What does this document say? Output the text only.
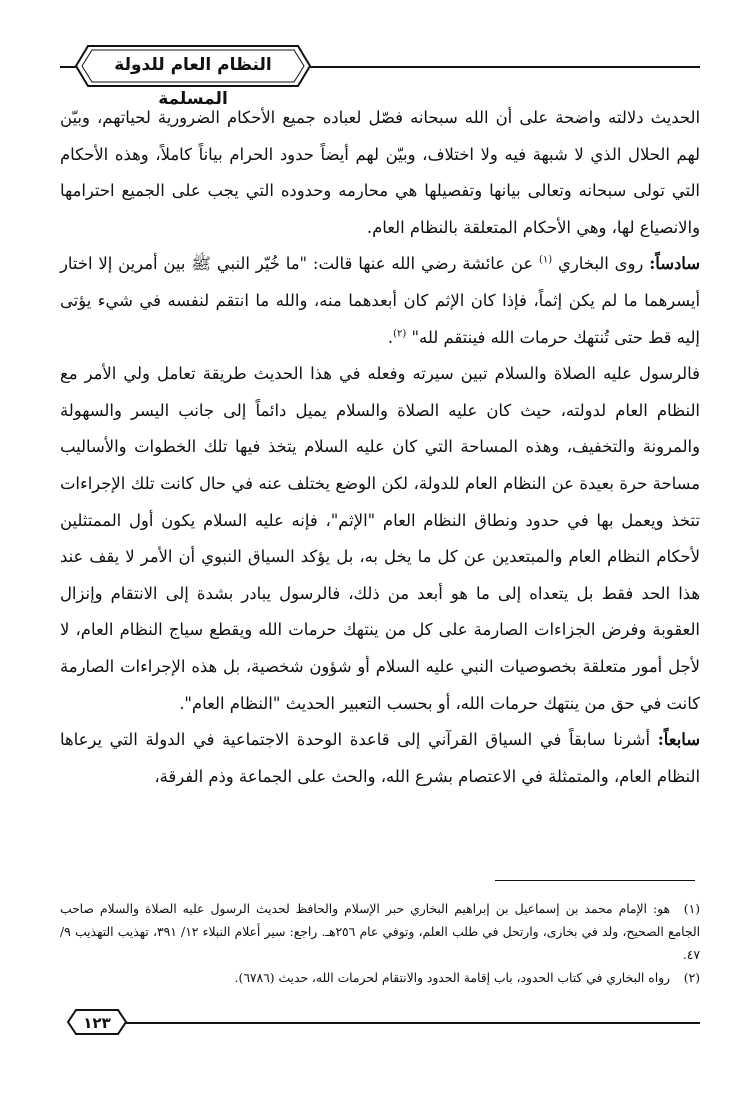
النظام العام للدولة المسلمة

الحديث دلالته واضحة على أن الله سبحانه فصّل لعباده جميع الأحكام الضرورية لحياتهم، وبيّن لهم الحلال الذي لا شبهة فيه ولا اختلاف، وبيّن لهم أيضاً حدود الحرام بياناً كاملاً، وهذه الأحكام التي تولى سبحانه وتعالى بيانها وتفصيلها هي محارمه وحدوده التي يجب على الجميع احترامها والانصياع لها، وهي الأحكام المتعلقة بالنظام العام.

سادساً: روى البخاري $^{(١)}$ عن عائشة رضي الله عنها قالت: "ما خُيّر النبي ﷺ بين أمرين إلا اختار أيسرهما ما لم يكن إثماً، فإذا كان الإثم كان أبعدهما منه، والله ما انتقم لنفسه في شيء يؤتى إليه قط حتى تُنتهك حرمات الله فينتقم لله" $^{(٢)}$.

فالرسول عليه الصلاة والسلام تبين سيرته وفعله في هذا الحديث طريقة تعامل ولي الأمر مع النظام العام لدولته، حيث كان عليه الصلاة والسلام يميل دائماً إلى جانب اليسر والسهولة والمرونة والتخفيف، وهذه المساحة التي كان عليه السلام يتخذ فيها تلك الخطوات والأساليب مساحة حرة بعيدة عن النظام العام للدولة، لكن الوضع يختلف عنه في حال كانت تلك الإجراءات تتخذ ويعمل بها في حدود ونطاق النظام العام "الإثم"، فإنه عليه السلام يكون أول الممتثلين لأحكام النظام العام والمبتعدين عن كل ما يخل به، بل يؤكد السياق النبوي أن الأمر لا يقف عند هذا الحد فقط بل يتعداه إلى ما هو أبعد من ذلك، فالرسول يبادر بشدة إلى الانتقام وإنزال العقوبة وفرض الجزاءات الصارمة على كل من ينتهك حرمات الله ويقطع سياج النظام العام، لا لأجل أمور متعلقة بخصوصيات النبي عليه السلام أو شؤون شخصية، بل هذه الإجراءات الصارمة كانت في حق من ينتهك حرمات الله، أو بحسب التعبير الحديث "النظام العام".

سابعاً: أشرنا سابقاً في السياق القرآني إلى قاعدة الوحدة الاجتماعية في الدولة التي يرعاها النظام العام، والمتمثلة في الاعتصام بشرع الله، والحث على الجماعة وذم الفرقة،

(١)هو: الإمام محمد بن إسماعيل بن إبراهيم البخاري حبر الإسلام والحافظ لحديث الرسول عليه الصلاة والسلام صاحب الجامع الصحيح، ولد في بخارى، وارتحل في طلب العلم، وتوفي عام ٢٥٦هـ. راجع: سير أعلام النبلاء ١٢/ ٣٩١، تهذيب التهذيب ٩/ ٤٧.

(٢)رواه البخاري في كتاب الحدود، باب إقامة الحدود والانتقام لحرمات الله، حديث (٦٧٨٦).

١٢٣
